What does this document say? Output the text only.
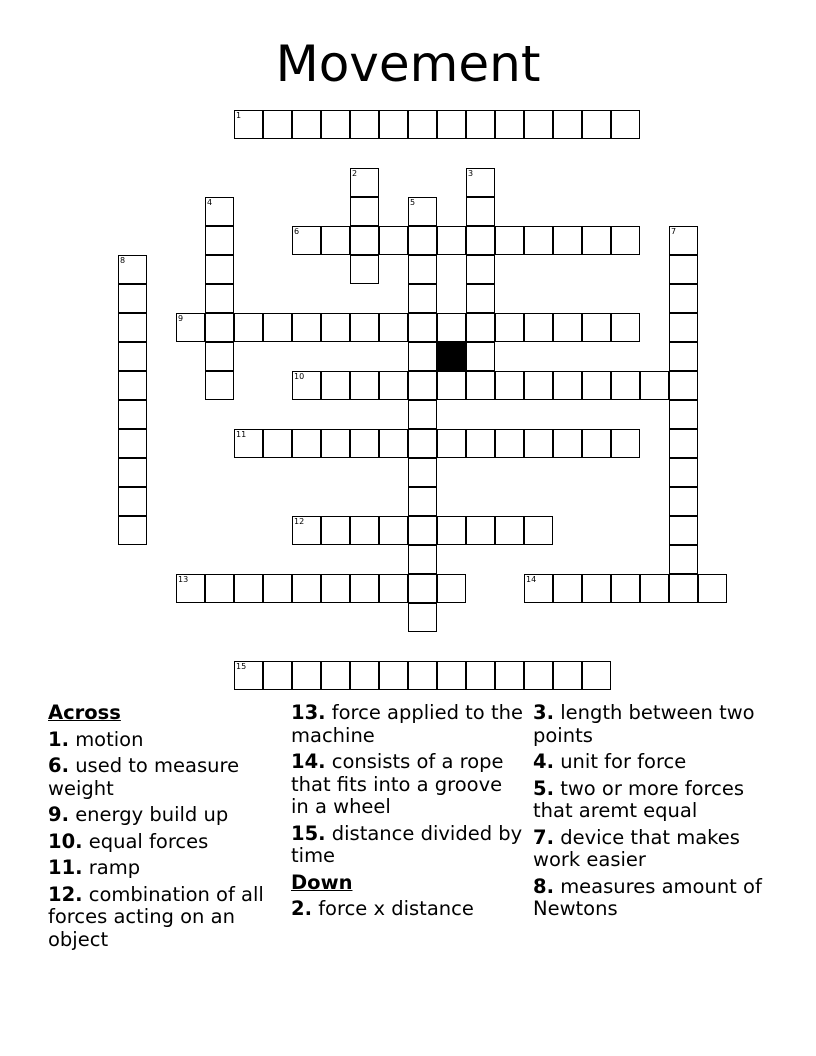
Movement
1
2	3
4	5
6	7
8
9
10
11
12
13	14
15
Across
1. motion
6. used to measure weight
9. energy build up
10. equal forces
11. ramp
12. combination of all forces acting on an object
13. force applied to the machine
14. consists of a rope that fits into a groove in a wheel
15. distance divided by time
Down
2. force x distance
3. length between two points
4. unit for force
5. two or more forces that aremt equal
7. device that makes work easier
8. measures amount of Newtons
